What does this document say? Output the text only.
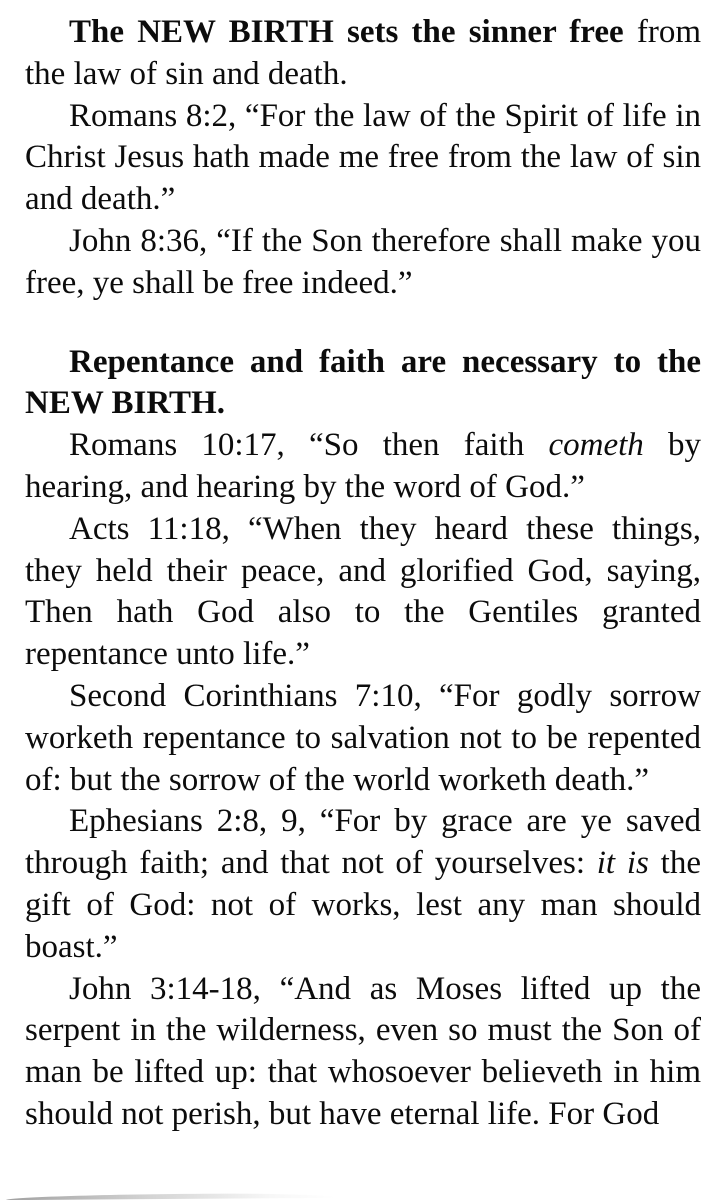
The NEW BIRTH sets the sinner free from the law of sin and death.

Romans 8:2, “For the law of the Spirit of life in Christ Jesus hath made me free from the law of sin and death.”

John 8:36, “If the Son therefore shall make you free, ye shall be free indeed.”

Repentance and faith are necessary to the NEW BIRTH.

Romans 10:17, “So then faith cometh by hearing, and hearing by the word of God.”

Acts 11:18, “When they heard these things, they held their peace, and glorified God, saying, Then hath God also to the Gentiles granted repentance unto life.”

Second Corinthians 7:10, “For godly sorrow worketh repentance to salvation not to be repented of: but the sorrow of the world worketh death.”

Ephesians 2:8, 9, “For by grace are ye saved through faith; and that not of yourselves: it is the gift of God: not of works, lest any man should boast.”

John 3:14-18, “And as Moses lifted up the serpent in the wilderness, even so must the Son of man be lifted up: that whosoever believeth in him should not perish, but have eternal life. For God
